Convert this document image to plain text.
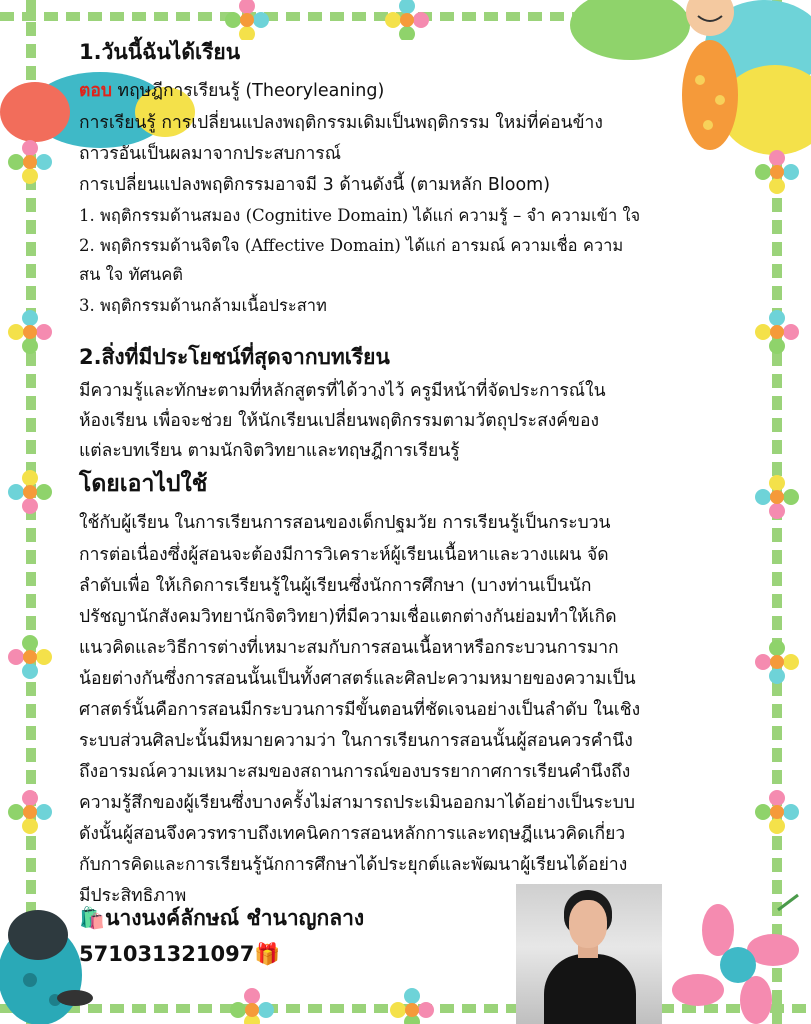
1.วันนี้ฉันได้เรียน
ตอบ ทฤษฎีการเรียนรู้ (Theoryleaning)
การเรียนรู้ การเปลี่ยนแปลงพฤติกรรมเดิมเป็นพฤติกรรม ใหม่ที่ค่อนข้าง
ถาวรอันเป็นผลมาจากประสบการณ์
การเปลี่ยนแปลงพฤติกรรมอาจมี 3 ด้านดังนี้ (ตามหลัก Bloom)
1. พฤติกรรมด้านสมอง (Cognitive Domain) ได้แก่ ความรู้ – จำ ความเข้า ใจ
2. พฤติกรรมด้านจิตใจ (Affective Domain) ได้แก่ อารมณ์ ความเชื่อ ความ
สน ใจ ทัศนคติ
3. พฤติกรรมด้านกล้ามเนื้อประสาท
2.สิ่งที่มีประโยชน์ที่สุดจากบทเรียน
มีความรู้และทักษะตามที่หลักสูตรที่ได้วางไว้ ครูมีหน้าที่จัดประการณ์ใน
ห้องเรียน เพื่อจะช่วย ให้นักเรียนเปลี่ยนพฤติกรรมตามวัตถุประสงค์ของ
แต่ละบทเรียน ตามนักจิตวิทยาและทฤษฎีการเรียนรู้
โดยเอาไปใช้
ใช้กับผู้เรียน ในการเรียนการสอนของเด็กปฐมวัย การเรียนรู้เป็นกระบวน
การต่อเนื่องซึ่งผู้สอนจะต้องมีการวิเคราะห์ผู้เรียนเนื้อหาและวางแผน จัด
ลำดับเพื่อ ให้เกิดการเรียนรู้ในผู้เรียนซึ่งนักการศึกษา (บางท่านเป็นนัก
ปรัชญานักสังคมวิทยานักจิตวิทยา)ที่มีความเชื่อแตกต่างกันย่อมทำให้เกิด
แนวคิดและวิธีการต่างที่เหมาะสมกับการสอนเนื้อหาหรือกระบวนการมาก
น้อยต่างกันซึ่งการสอนนั้นเป็นทั้งศาสตร์และศิลปะความหมายของความเป็น
ศาสตร์นั้นคือการสอนมีกระบวนการมีขั้นตอนที่ชัดเจนอย่างเป็นลำดับ ในเชิง
ระบบส่วนศิลปะนั้นมีหมายความว่า ในการเรียนการสอนนั้นผู้สอนควรคำนึง
ถึงอารมณ์ความเหมาะสมของสถานการณ์ของบรรยากาศการเรียนคำนึงถึง
ความรู้สึกของผู้เรียนซึ่งบางครั้งไม่สามารถประเมินออกมาได้อย่างเป็นระบบ
ดังนั้นผู้สอนจึงควรทราบถึงเทคนิคการสอนหลักการและทฤษฎีแนวคิดเกี่ยว
กับการคิดและการเรียนรู้นักการศึกษาได้ประยุกต์และพัฒนาผู้เรียนได้อย่าง
มีประสิทธิภาพ
🛍️นางนงค์ลักษณ์ ชำนาญกลาง
571031321097🎁
